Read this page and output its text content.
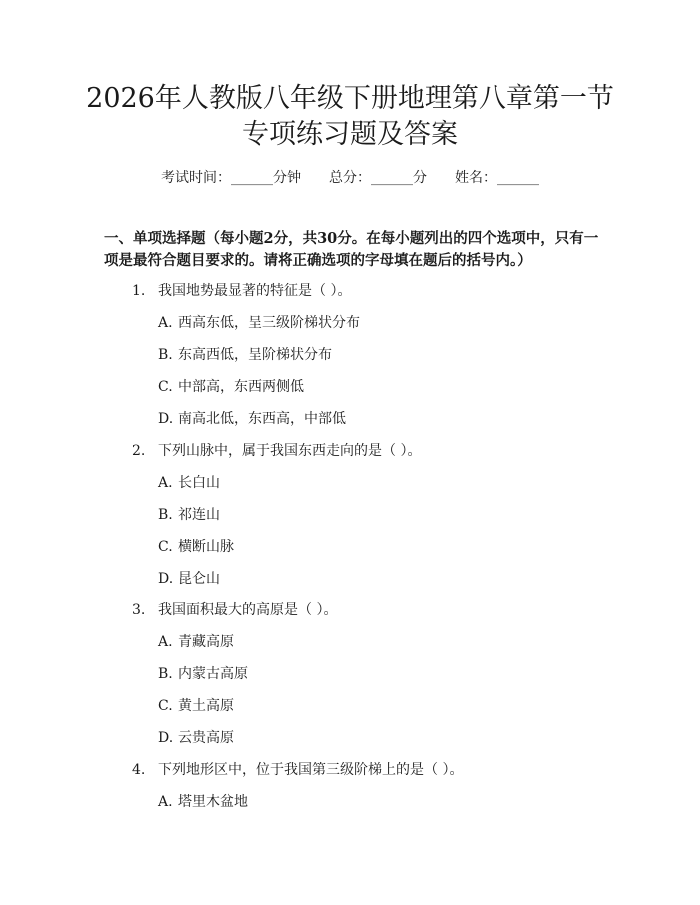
2026年人教版八年级下册地理第八章第一节
专项练习题及答案
考试时间：______分钟 总分：______分 姓名：______
一、单项选择题（每小题2分，共30分。在每小题列出的四个选项中，只有一项是最符合题目要求的。请将正确选项的字母填在题后的括号内。）
1. 我国地势最显著的特征是（ ）。
A. 西高东低，呈三级阶梯状分布
B. 东高西低，呈阶梯状分布
C. 中部高，东西两侧低
D. 南高北低，东西高，中部低
2. 下列山脉中，属于我国东西走向的是（ ）。
A. 长白山
B. 祁连山
C. 横断山脉
D. 昆仑山
3. 我国面积最大的高原是（ ）。
A. 青藏高原
B. 内蒙古高原
C. 黄土高原
D. 云贵高原
4. 下列地形区中，位于我国第三级阶梯上的是（ ）。
A. 塔里木盆地
